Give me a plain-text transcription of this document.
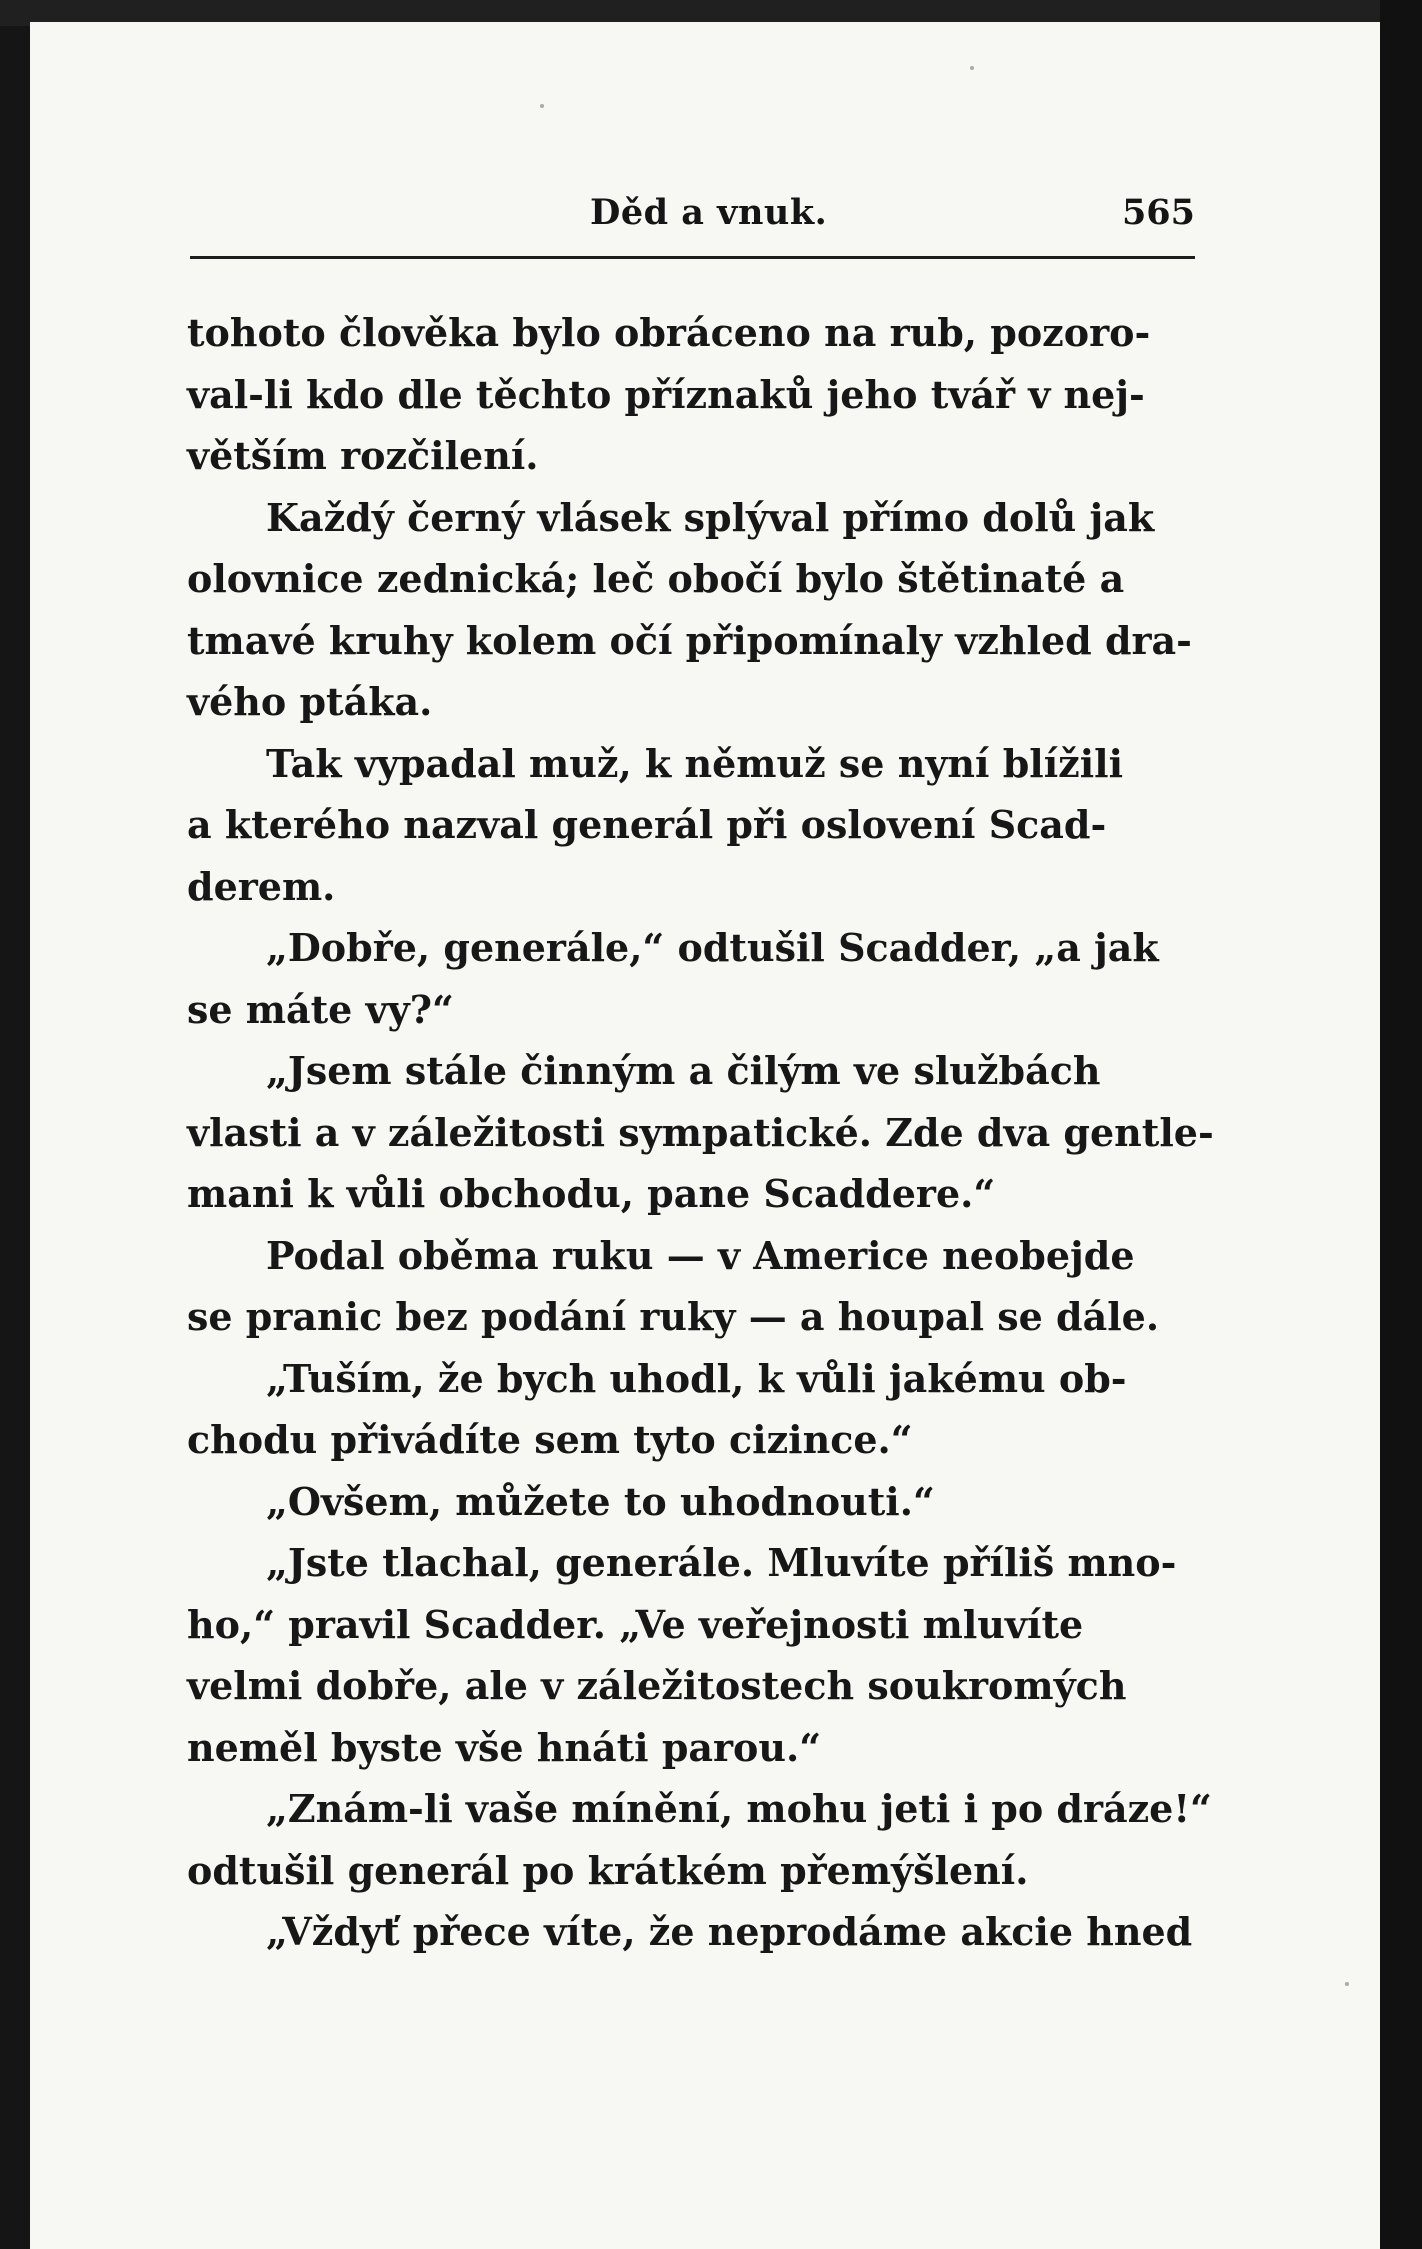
Děd a vnuk.	565
tohoto člověka bylo obráceno na rub, pozoro-
val-li kdo dle těchto příznaků jeho tvář v nej-
větším rozčilení.
Každý černý vlásek splýval přímo dolů jak
olovnice zednická; leč obočí bylo štětinaté a
tmavé kruhy kolem očí připomínaly vzhled dra-
vého ptáka.
Tak vypadal muž, k němuž se nyní blížili
a kterého nazval generál při oslovení Scad-
derem.
„Dobře, generále,“ odtušil Scadder, „a jak
se máte vy?“
„Jsem stále činným a čilým ve službách
vlasti a v záležitosti sympatické. Zde dva gentle-
mani k vůli obchodu, pane Scaddere.“
Podal oběma ruku — v Americe neobejde
se pranic bez podání ruky — a houpal se dále.
„Tuším, že bych uhodl, k vůli jakému ob-
chodu přivádíte sem tyto cizince.“
„Ovšem, můžete to uhodnouti.“
„Jste tlachal, generále. Mluvíte příliš mno-
ho,“ pravil Scadder. „Ve veřejnosti mluvíte
velmi dobře, ale v záležitostech soukromých
neměl byste vše hnáti parou.“
„Znám-li vaše mínění, mohu jeti i po dráze!“
odtušil generál po krátkém přemýšlení.
„Vždyť přece víte, že neprodáme akcie hned
